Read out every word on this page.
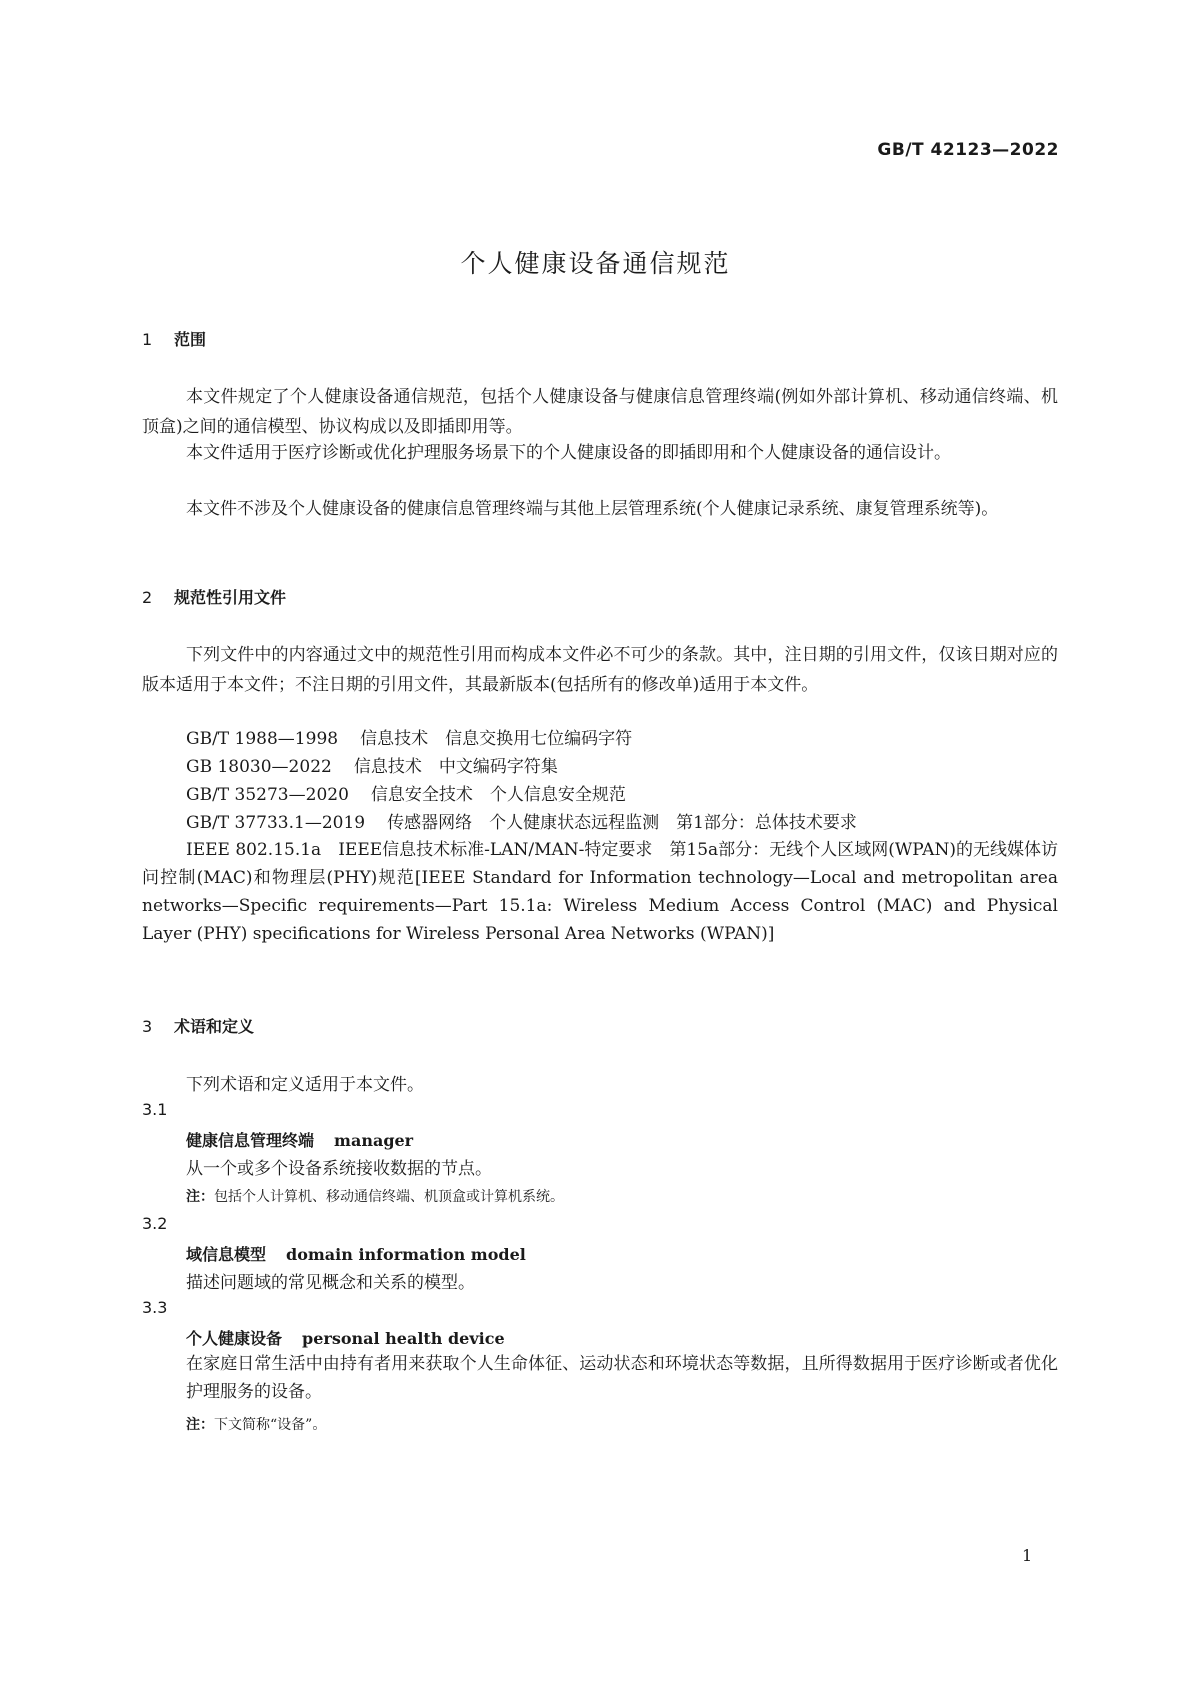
GB/T 42123—2022
个人健康设备通信规范
1 范围

本文件规定了个人健康设备通信规范，包括个人健康设备与健康信息管理终端(例如外部计算机、移动通信终端、机顶盒)之间的通信模型、协议构成以及即插即用等。

本文件适用于医疗诊断或优化护理服务场景下的个人健康设备的即插即用和个人健康设备的通信设计。

本文件不涉及个人健康设备的健康信息管理终端与其他上层管理系统(个人健康记录系统、康复管理系统等)。

2 规范性引用文件

下列文件中的内容通过文中的规范性引用而构成本文件必不可少的条款。其中，注日期的引用文件，仅该日期对应的版本适用于本文件；不注日期的引用文件，其最新版本(包括所有的修改单)适用于本文件。

GB/T 1988—1998 信息技术　信息交换用七位编码字符

GB 18030—2022 信息技术　中文编码字符集

GB/T 35273—2020 信息安全技术　个人信息安全规范

GB/T 37733.1—2019 传感器网络　个人健康状态远程监测　第1部分：总体技术要求

IEEE 802.15.1a　IEEE信息技术标准-LAN/MAN-特定要求　第15a部分：无线个人区域网(WPAN)的无线媒体访问控制(MAC)和物理层(PHY)规范[IEEE Standard for Information technology—Local and metropolitan area networks—Specific requirements—Part 15.1a: Wireless Medium Access Control (MAC) and Physical Layer (PHY) specifications for Wireless Personal Area Networks (WPAN)]

3 术语和定义

下列术语和定义适用于本文件。

3.1
健康信息管理终端 manager

从一个或多个设备系统接收数据的节点。

注：包括个人计算机、移动通信终端、机顶盒或计算机系统。
3.2
域信息模型 domain information model

描述问题域的常见概念和关系的模型。

3.3
个人健康设备 personal health device

在家庭日常生活中由持有者用来获取个人生命体征、运动状态和环境状态等数据，且所得数据用于医疗诊断或者优化护理服务的设备。

注：下文简称“设备”。
1
